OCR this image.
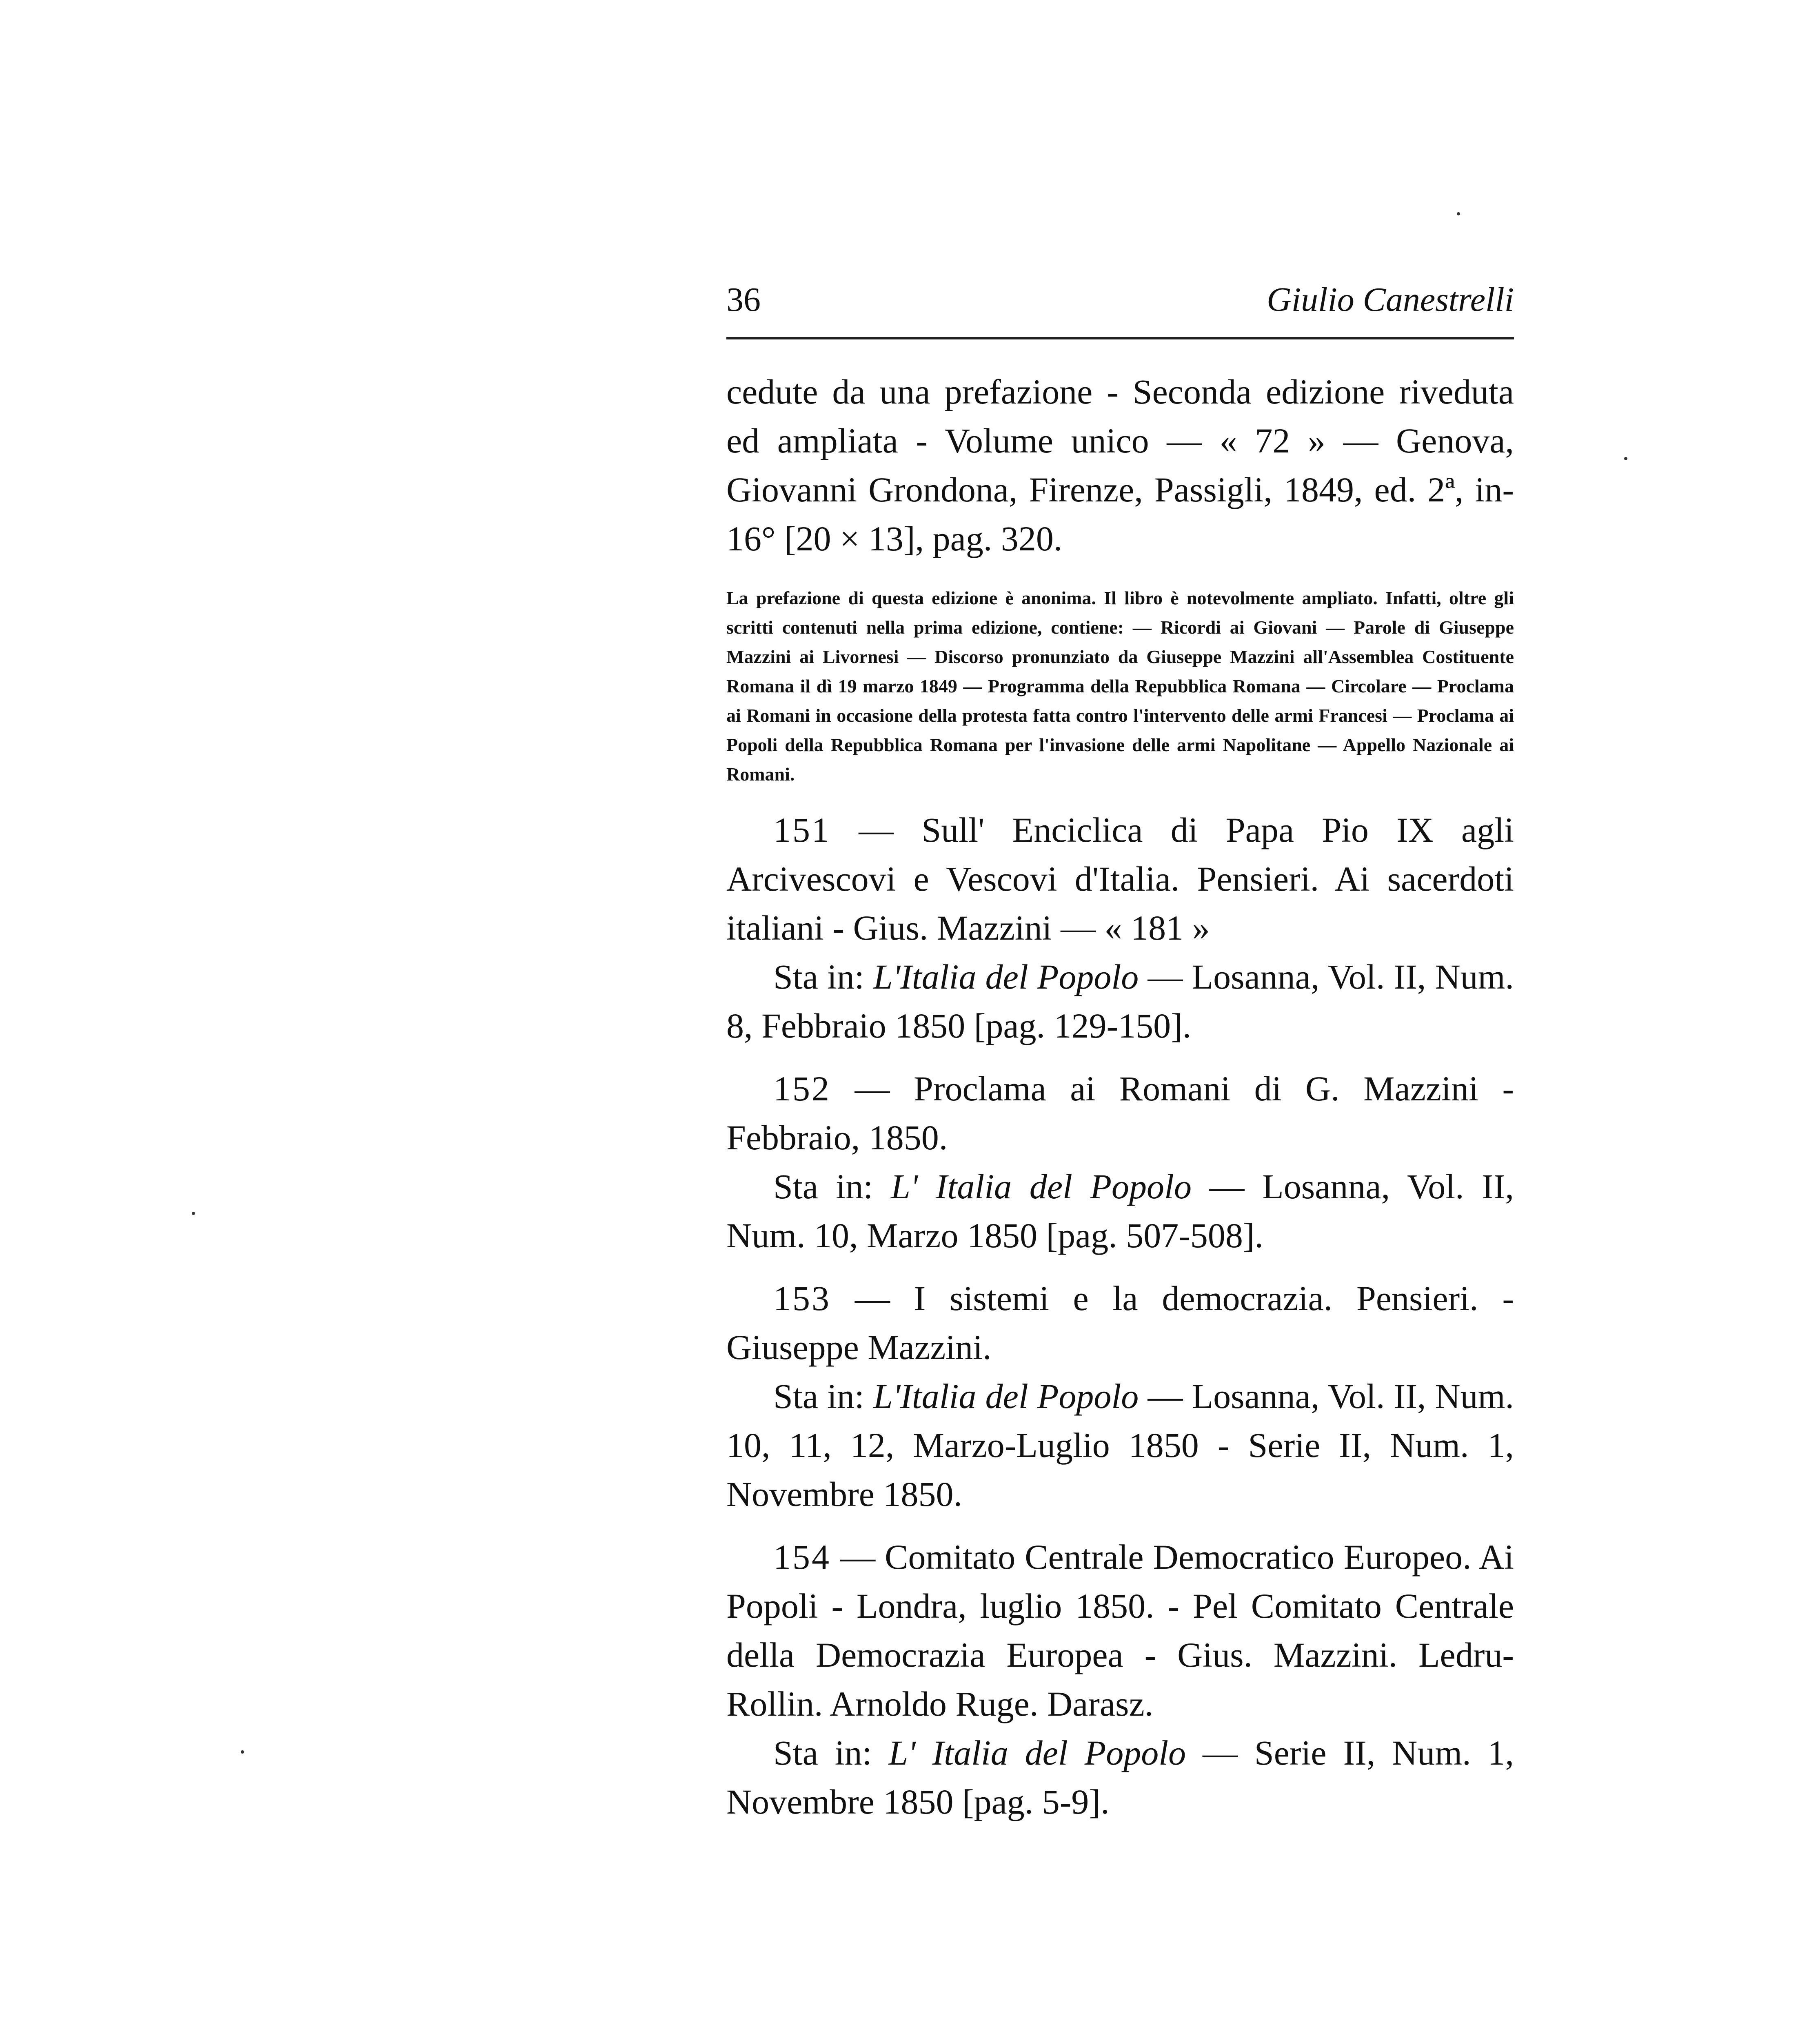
36	Giulio Canestrelli

cedute da una prefazione - Seconda edizione riveduta ed ampliata - Volume unico — « 72 » — Genova, Giovanni Grondona, Firenze, Passigli, 1849, ed. 2ª, in-16° [20 × 13], pag. 320.

La prefazione di questa edizione è anonima. Il libro è notevolmente ampliato. Infatti, oltre gli scritti contenuti nella prima edizione, contiene: — Ricordi ai Giovani — Parole di Giuseppe Mazzini ai Livornesi — Discorso pronunziato da Giuseppe Mazzini all'Assemblea Costituente Romana il dì 19 marzo 1849 — Programma della Repubblica Romana — Circolare — Proclama ai Romani in occasione della protesta fatta contro l'intervento delle armi Francesi — Proclama ai Popoli della Repubblica Romana per l'invasione delle armi Napolitane — Appello Nazionale ai Romani.

151 — Sull' Enciclica di Papa Pio IX agli Arcivescovi e Vescovi d'Italia. Pensieri. Ai sacerdoti italiani - Gius. Mazzini — « 181 »

Sta in: L'Italia del Popolo — Losanna, Vol. II, Num. 8, Febbraio 1850 [pag. 129-150].

152 — Proclama ai Romani di G. Mazzini - Febbraio, 1850.

Sta in: L' Italia del Popolo — Losanna, Vol. II, Num. 10, Marzo 1850 [pag. 507-508].

153 — I sistemi e la democrazia. Pensieri. - Giuseppe Mazzini.

Sta in: L'Italia del Popolo — Losanna, Vol. II, Num. 10, 11, 12, Marzo-Luglio 1850 - Serie II, Num. 1, Novembre 1850.

154 — Comitato Centrale Democratico Europeo. Ai Popoli - Londra, luglio 1850. - Pel Comitato Centrale della Democrazia Europea - Gius. Mazzini. Ledru-Rollin. Arnoldo Ruge. Darasz.

Sta in: L' Italia del Popolo — Serie II, Num. 1, Novembre 1850 [pag. 5-9].
